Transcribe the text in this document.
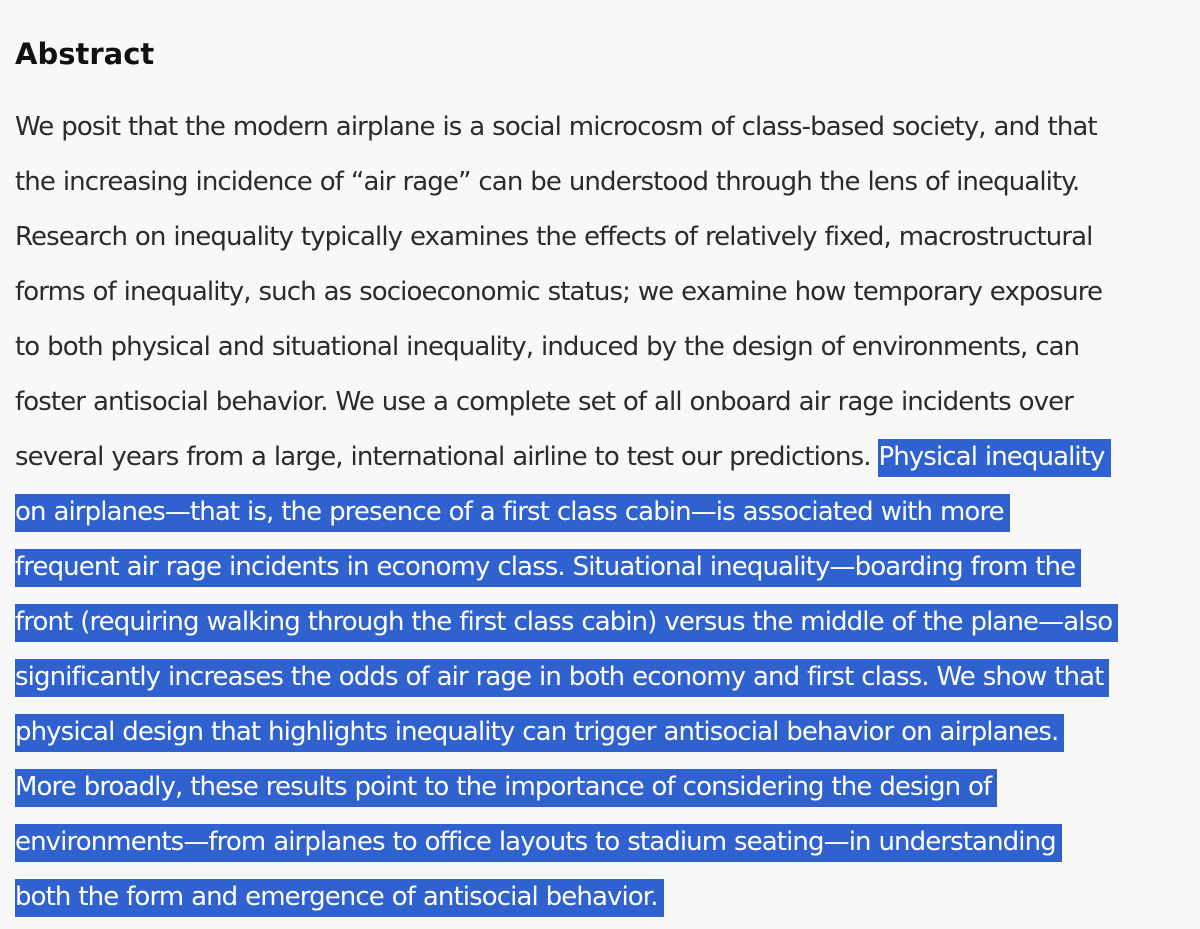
Abstract
We posit that the modern airplane is a social microcosm of class-based society, and that
the increasing incidence of “air rage” can be understood through the lens of inequality.
Research on inequality typically examines the effects of relatively fixed, macrostructural
forms of inequality, such as socioeconomic status; we examine how temporary exposure
to both physical and situational inequality, induced by the design of environments, can
foster antisocial behavior. We use a complete set of all onboard air rage incidents over
several years from a large, international airline to test our predictions. Physical inequality
on airplanes—that is, the presence of a first class cabin—is associated with more
frequent air rage incidents in economy class. Situational inequality—boarding from the
front (requiring walking through the first class cabin) versus the middle of the plane—also
significantly increases the odds of air rage in both economy and first class. We show that
physical design that highlights inequality can trigger antisocial behavior on airplanes.
More broadly, these results point to the importance of considering the design of
environments—from airplanes to office layouts to stadium seating—in understanding
both the form and emergence of antisocial behavior.
